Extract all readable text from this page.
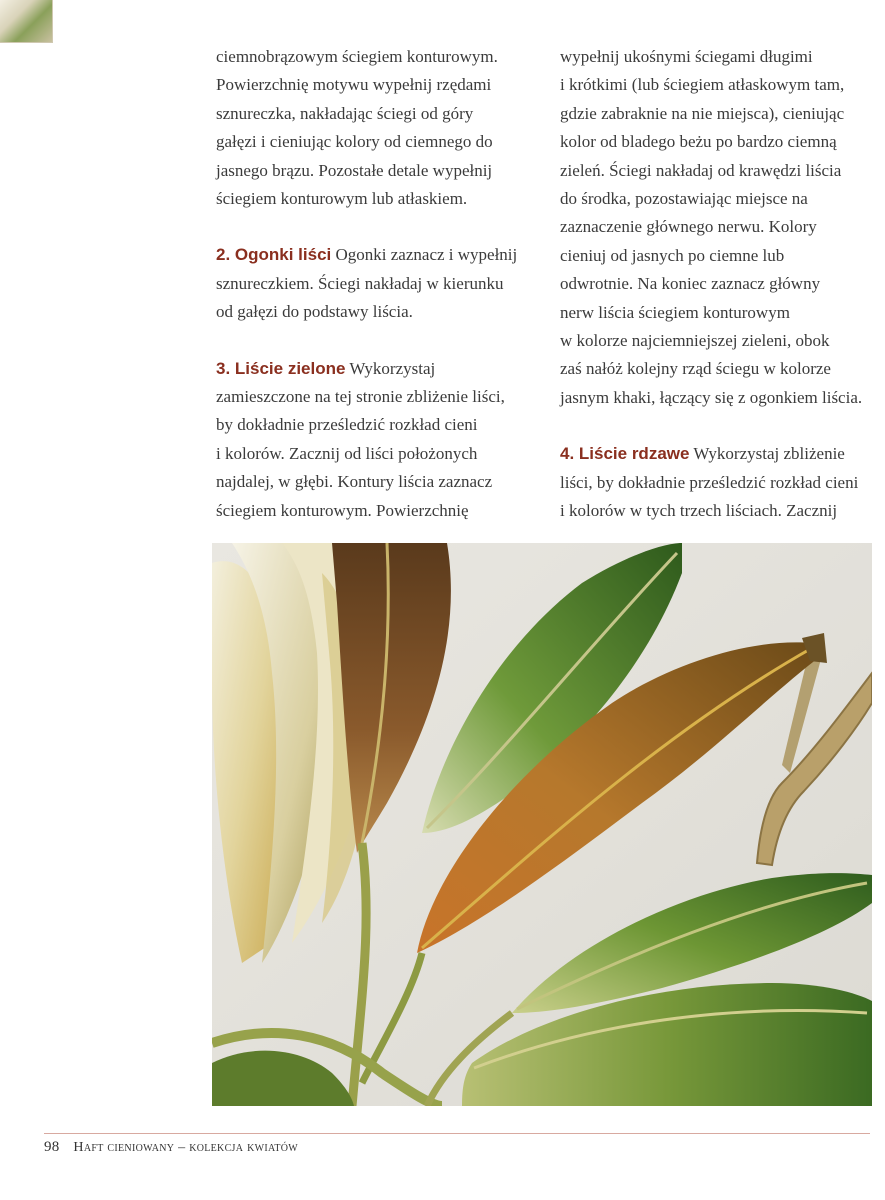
ciemnobrązowym ściegiem konturowym.
Powierzchnię motywu wypełnij rzędami
sznureczka, nakładając ściegi od góry
gałęzi i cieniując kolory od ciemnego do
jasnego brązu. Pozostałe detale wypełnij
ściegiem konturowym lub atłaskiem.

2. Ogonki liści Ogonki zaznacz i wypełnij
sznureczkiem. Ściegi nakładaj w kierunku
od gałęzi do podstawy liścia.

3. Liście zielone Wykorzystaj
zamieszczone na tej stronie zbliżenie liści,
by dokładnie prześledzić rozkład cieni
i kolorów. Zacznij od liści położonych
najdalej, w głębi. Kontury liścia zaznacz
ściegiem konturowym. Powierzchnię

wypełnij ukośnymi ściegami długimi
i krótkimi (lub ściegiem atłaskowym tam,
gdzie zabraknie na nie miejsca), cieniując
kolor od bladego beżu po bardzo ciemną
zieleń. Ściegi nakładaj od krawędzi liścia
do środka, pozostawiając miejsce na
zaznaczenie głównego nerwu. Kolory
cieniuj od jasnych po ciemne lub
odwrotnie. Na koniec zaznacz główny
nerw liścia ściegiem konturowym
w kolorze najciemniejszej zieleni, obok
zaś nałóż kolejny rząd ściegu w kolorze
jasnym khaki, łączący się z ogonkiem liścia.

4. Liście rdzawe Wykorzystaj zbliżenie
liści, by dokładnie prześledzić rozkład cieni
i kolorów w tych trzech liściach. Zacznij

98 Haft cieniowany – kolekcja kwiatów
